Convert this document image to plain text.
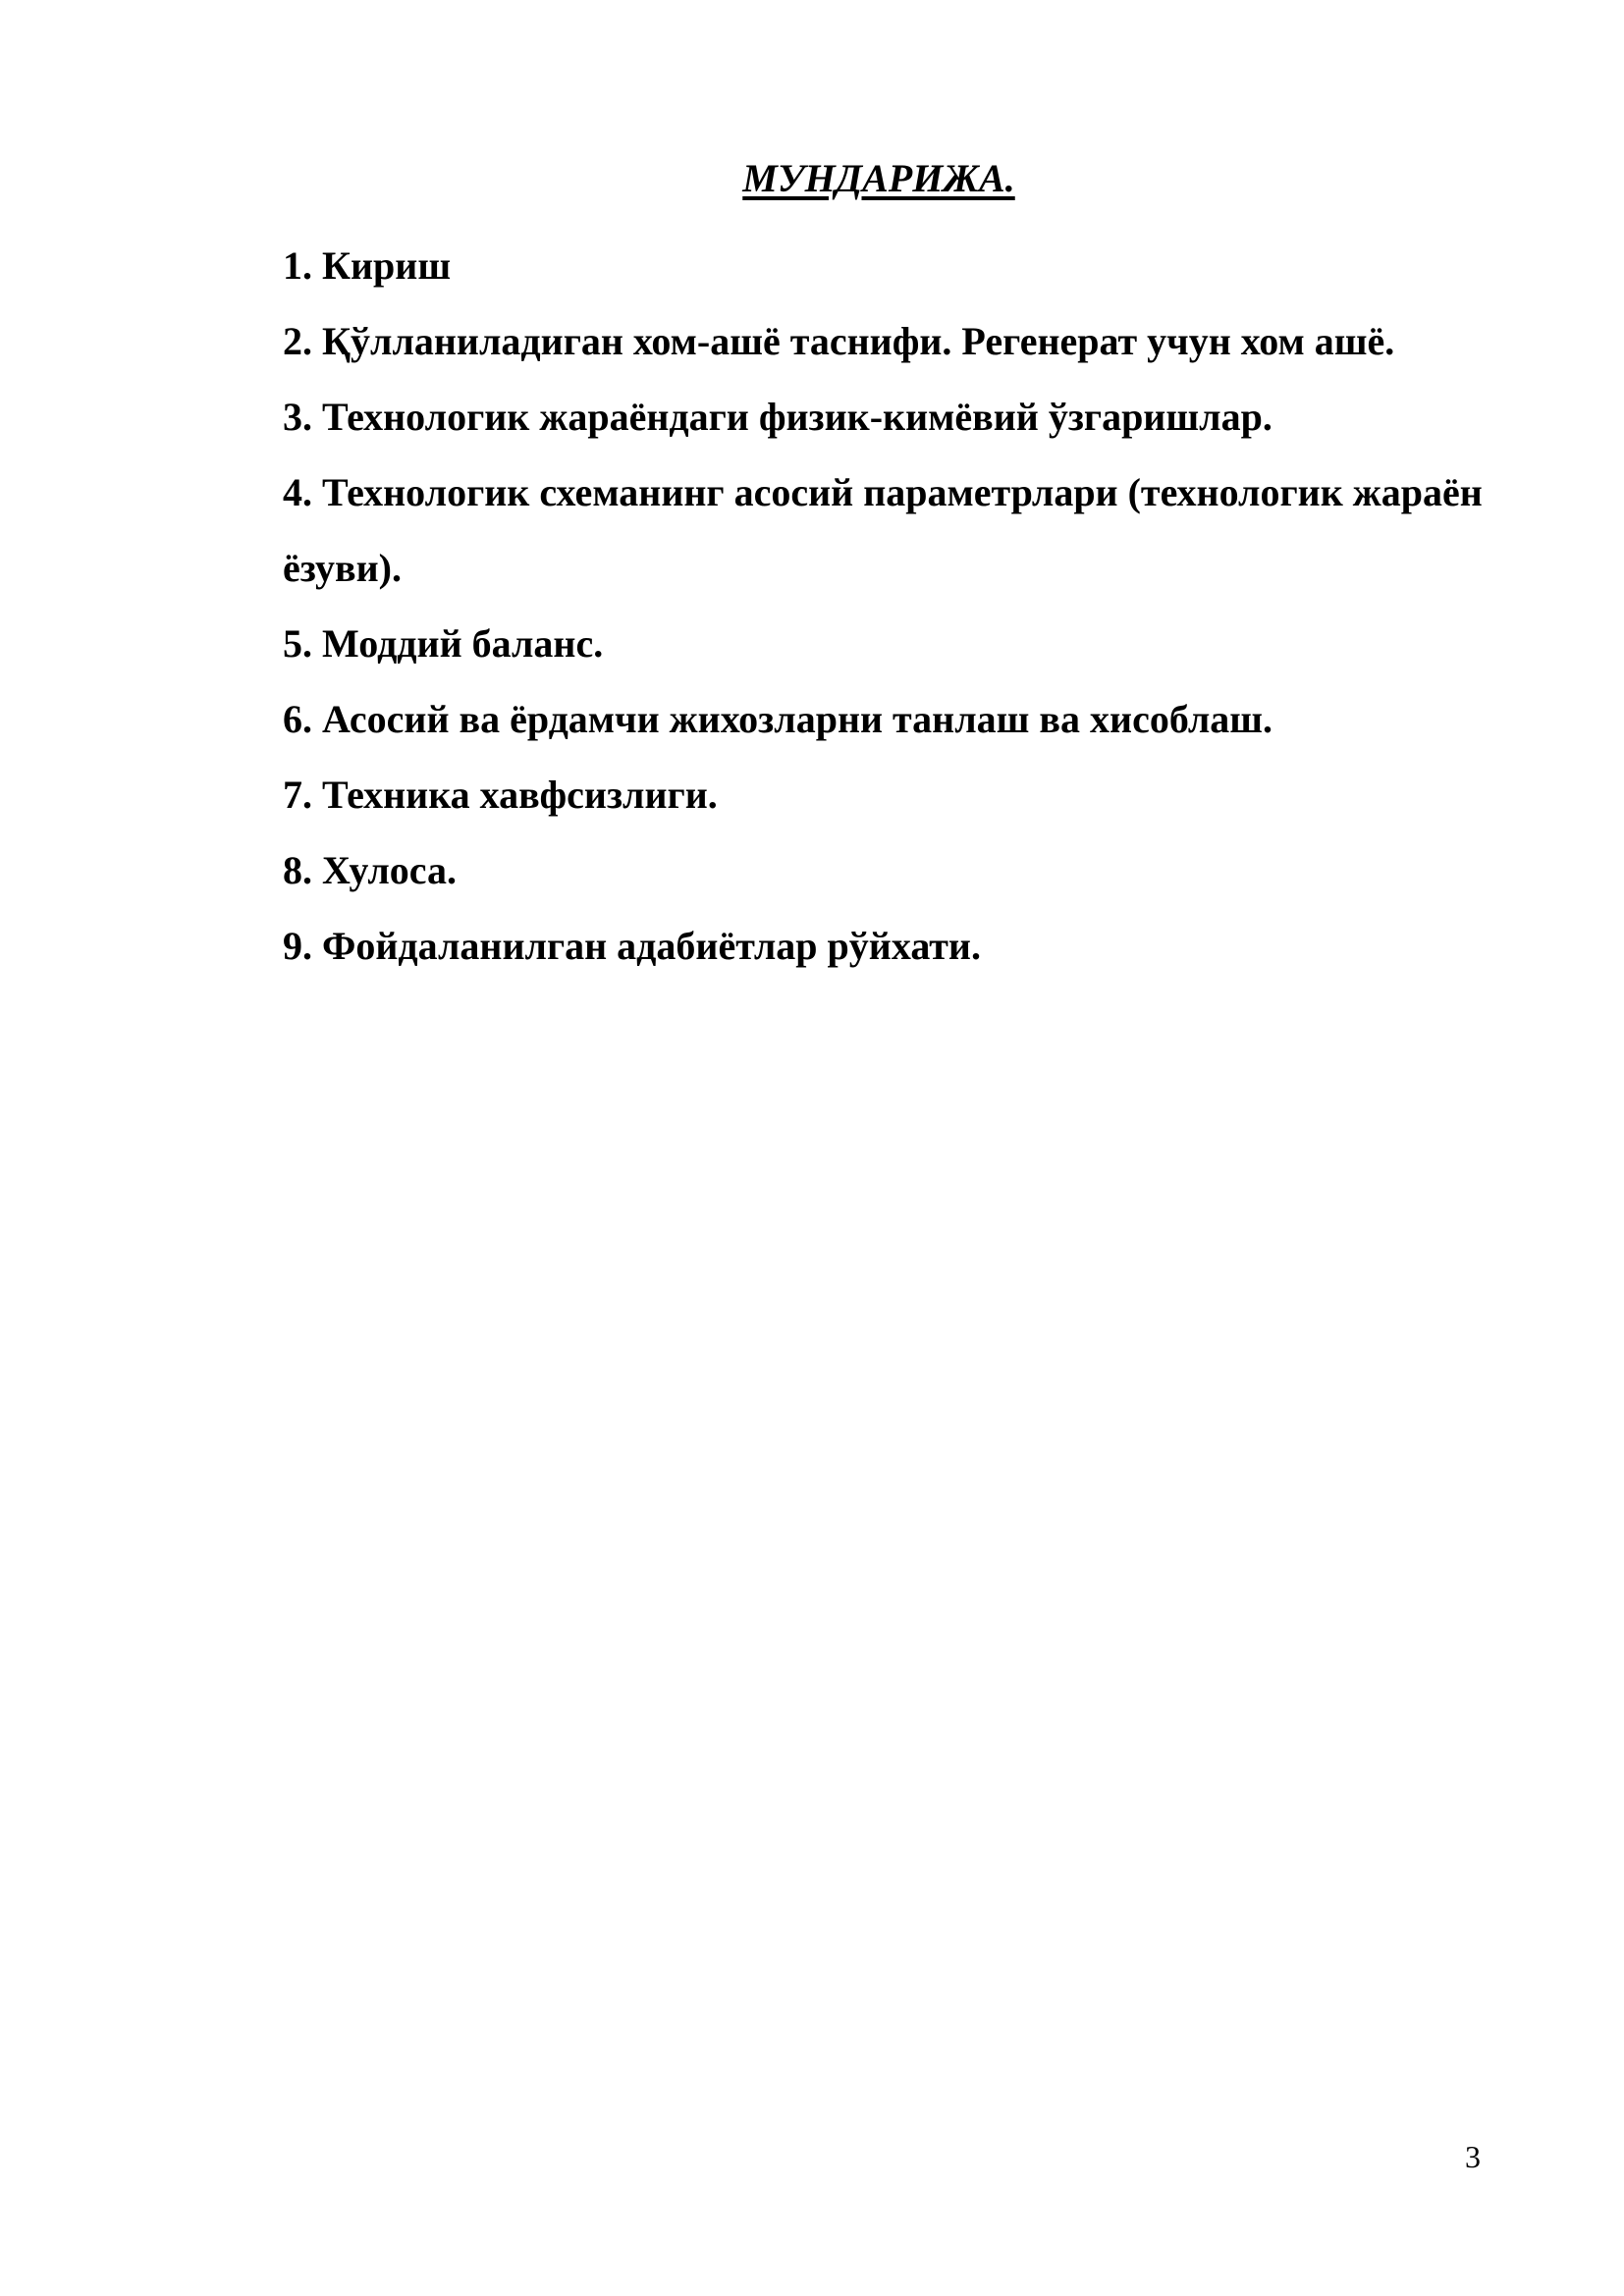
МУНДАРИЖА.
1. Кириш
2. Қўлланиладиган хом-ашё таснифи. Регенерат учун хом ашё.
3. Технологик жараёндаги физик-кимёвий ўзгаришлар.
4. Технологик схеманинг асосий параметрлари (технологик жараён ёзуви).
5. Моддий баланс.
6. Асосий ва ёрдамчи жихозларни танлаш ва хисоблаш.
7. Техника хавфсизлиги.
8. Хулоса.
9. Фойдаланилган адабиётлар рўйхати.
3
